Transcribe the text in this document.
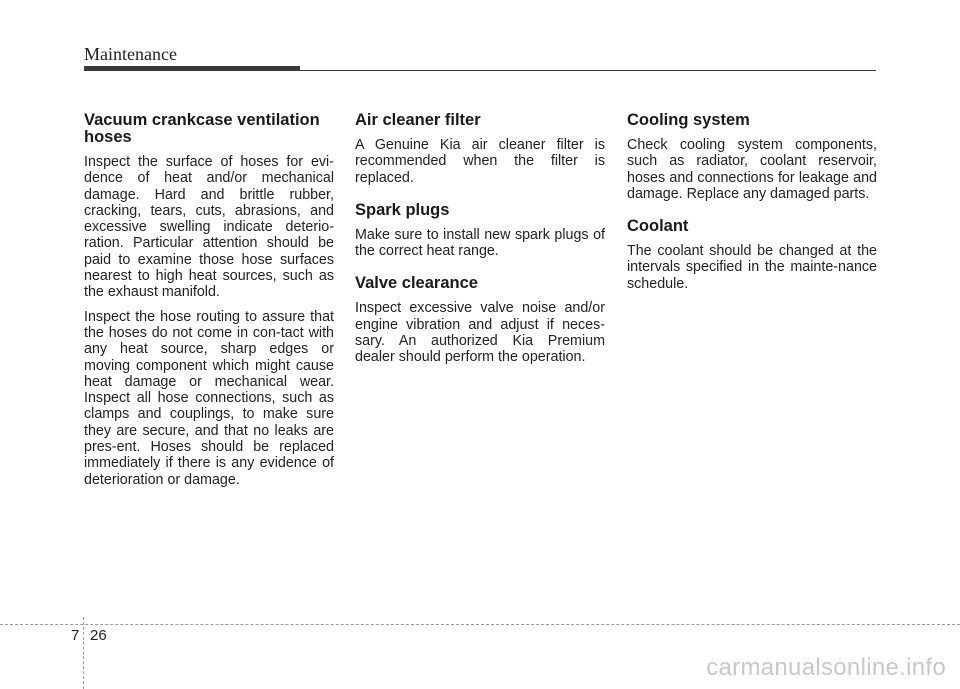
Maintenance
Vacuum crankcase ventilation hoses

Inspect the surface of hoses for evi-dence of heat and/or mechanical damage. Hard and brittle rubber, cracking, tears, cuts, abrasions, and excessive swelling indicate deterio-ration. Particular attention should be paid to examine those hose surfaces nearest to high heat sources, such as the exhaust manifold.

Inspect the hose routing to assure that the hoses do not come in con-tact with any heat source, sharp edges or moving component which might cause heat damage or mechanical wear. Inspect all hose connections, such as clamps and couplings, to make sure they are secure, and that no leaks are pres-ent. Hoses should be replaced immediately if there is any evidence of deterioration or damage.

Air cleaner filter

A Genuine Kia air cleaner filter is recommended when the filter is replaced.

Spark plugs

Make sure to install new spark plugs of the correct heat range.

Valve clearance

Inspect excessive valve noise and/or engine vibration and adjust if neces-sary. An authorized Kia Premium dealer should perform the operation.

Cooling system

Check cooling system components, such as radiator, coolant reservoir, hoses and connections for leakage and damage. Replace any damaged parts.

Coolant

The coolant should be changed at the intervals specified in the mainte-nance schedule.

7 26
carmanualsonline.info
